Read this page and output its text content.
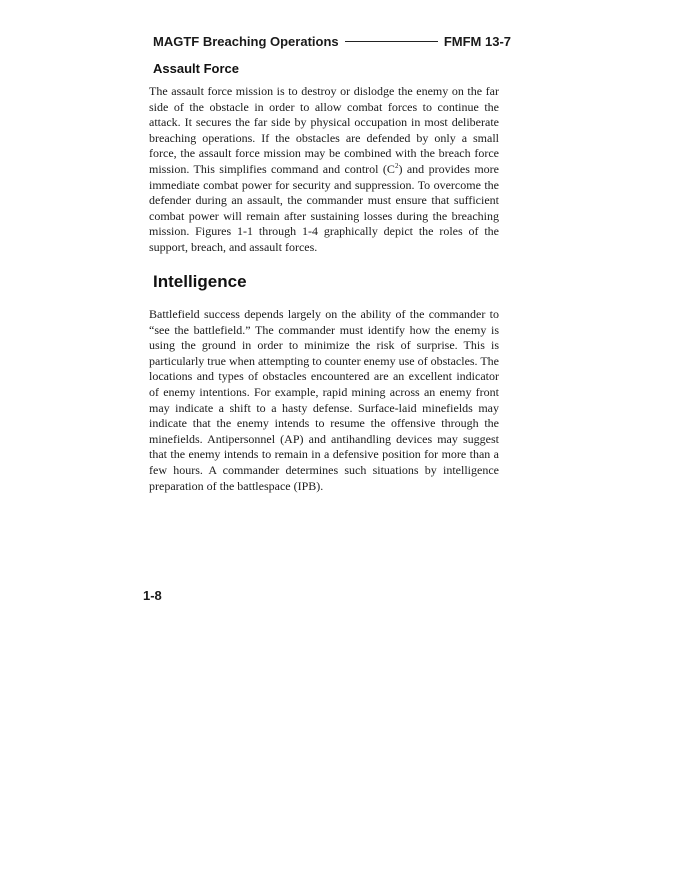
MAGTF Breaching Operations	FMFM 13-7
Assault Force

The assault force mission is to destroy or dislodge the enemy on the far side of the obstacle in order to allow combat forces to continue the attack. It secures the far side by physical occupation in most deliberate breaching operations. If the obstacles are defended by only a small force, the assault force mission may be combined with the breach force mission. This simplifies command and control $(C^2)$ and provides more immediate combat power for security and suppression. To overcome the defender during an assault, the commander must ensure that sufficient combat power will remain after sustaining losses during the breaching mission. Figures 1-1 through 1-4 graphically depict the roles of the support, breach, and assault forces.

Intelligence

Battlefield success depends largely on the ability of the commander to “see the battlefield.” The commander must identify how the enemy is using the ground in order to minimize the risk of surprise. This is particularly true when attempting to counter enemy use of obstacles. The locations and types of obstacles encountered are an excellent indicator of enemy intentions. For example, rapid mining across an enemy front may indicate a shift to a hasty defense. Surface-laid minefields may indicate that the enemy intends to resume the offensive through the minefields. Antipersonnel (AP) and antihandling devices may suggest that the enemy intends to remain in a defensive position for more than a few hours. A commander determines such situations by intelligence preparation of the battlespace (IPB).

1-8
